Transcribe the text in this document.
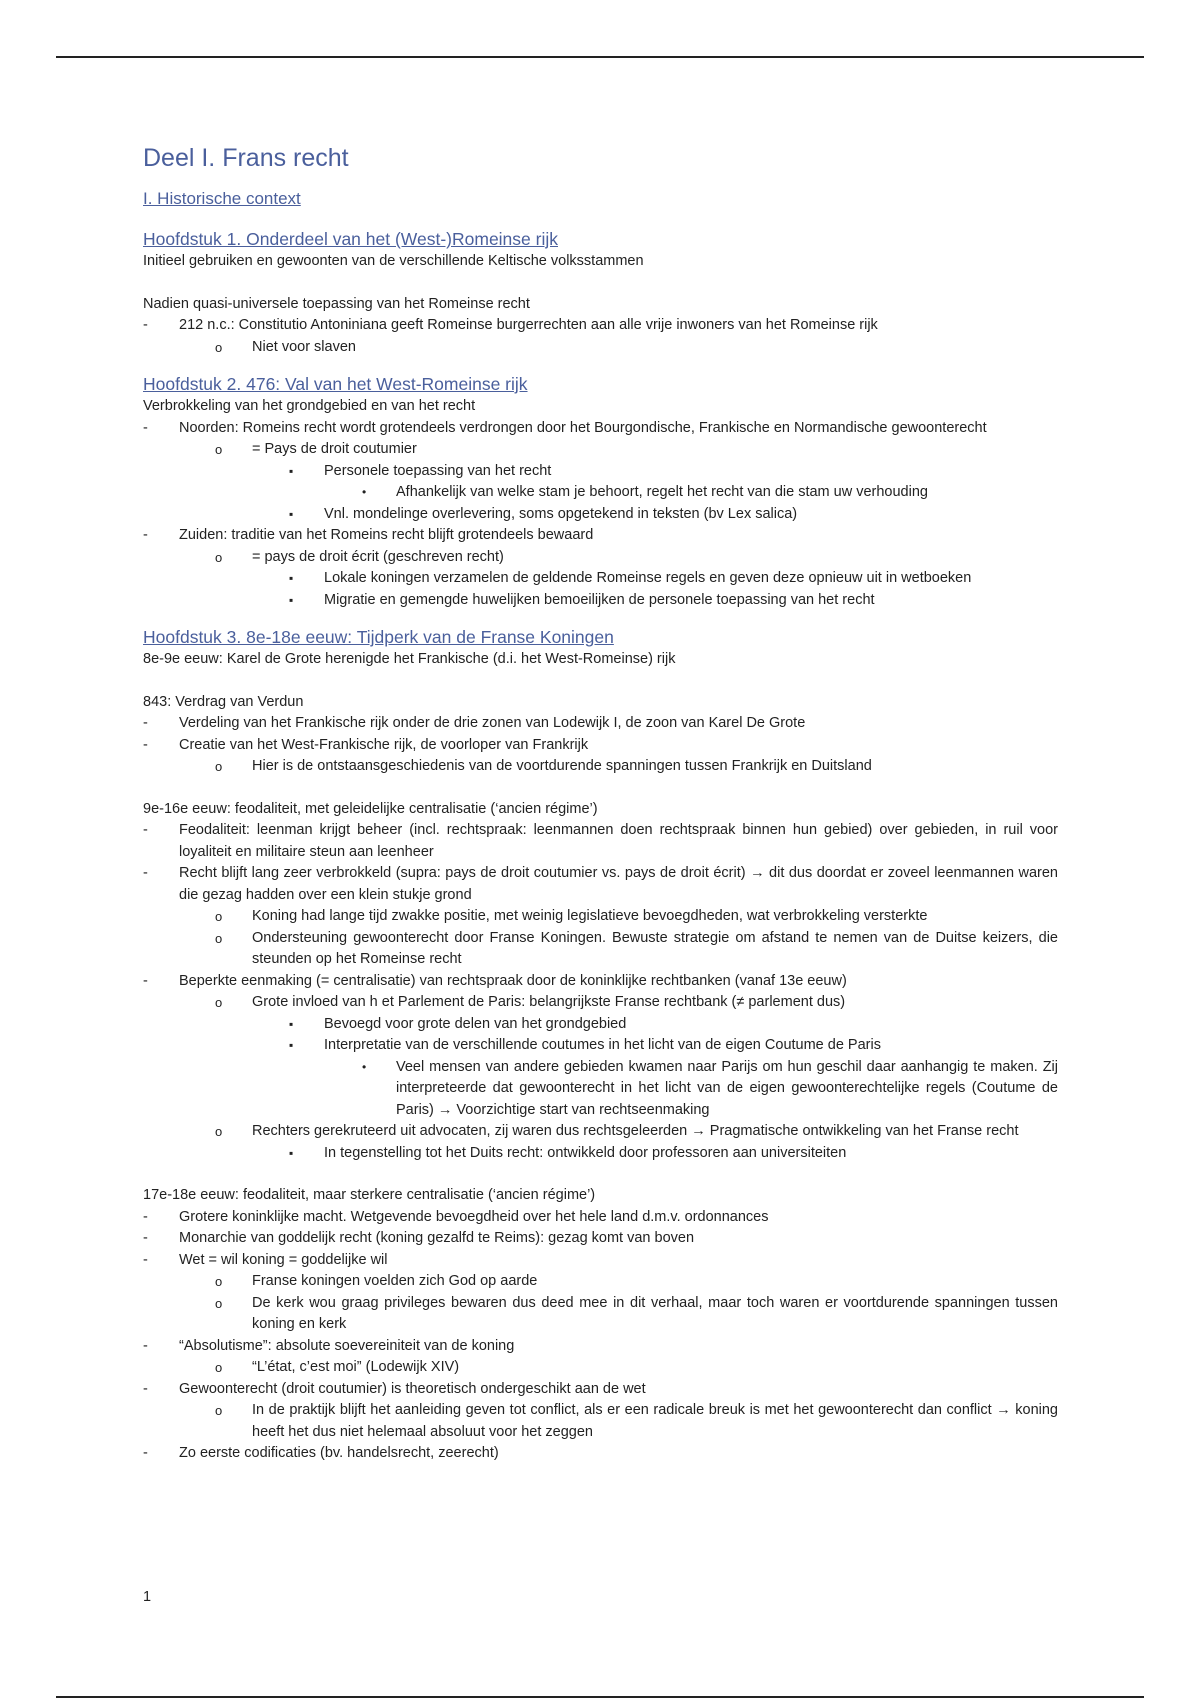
Deel I. Frans recht
I. Historische context
Hoofdstuk 1. Onderdeel van het (West-)Romeinse rijk

Initieel gebruiken en gewoonten van de verschillende Keltische volksstammen

Nadien quasi-universele toepassing van het Romeinse recht

- 212 n.c.: Constitutio Antoniniana geeft Romeinse burgerrechten aan alle vrije inwoners van het Romeinse rijk
o Niet voor slaven
Hoofdstuk 2. 476: Val van het West-Romeinse rijk

Verbrokkeling van het grondgebied en van het recht

- Noorden: Romeins recht wordt grotendeels verdrongen door het Bourgondische, Frankische en Normandische gewoonterecht
o = Pays de droit coutumier
▪ Personele toepassing van het recht
• Afhankelijk van welke stam je behoort, regelt het recht van die stam uw verhouding
▪ Vnl. mondelinge overlevering, soms opgetekend in teksten (bv Lex salica)
- Zuiden: traditie van het Romeins recht blijft grotendeels bewaard
o = pays de droit écrit (geschreven recht)
▪ Lokale koningen verzamelen de geldende Romeinse regels en geven deze opnieuw uit in wetboeken
▪ Migratie en gemengde huwelijken bemoeilijken de personele toepassing van het recht
Hoofdstuk 3. 8e-18e eeuw: Tijdperk van de Franse Koningen

8e-9e eeuw: Karel de Grote herenigde het Frankische (d.i. het West-Romeinse) rijk

843: Verdrag van Verdun

- Verdeling van het Frankische rijk onder de drie zonen van Lodewijk I, de zoon van Karel De Grote
- Creatie van het West-Frankische rijk, de voorloper van Frankrijk
o Hier is de ontstaansgeschiedenis van de voortdurende spanningen tussen Frankrijk en Duitsland

9e-16e eeuw: feodaliteit, met geleidelijke centralisatie (‘ancien régime’)

- Feodaliteit: leenman krijgt beheer (incl. rechtspraak: leenmannen doen rechtspraak binnen hun gebied) over gebieden, in ruil voor loyaliteit en militaire steun aan leenheer
- Recht blijft lang zeer verbrokkeld (supra: pays de droit coutumier vs. pays de droit écrit) → dit dus doordat er zoveel leenmannen waren die gezag hadden over een klein stukje grond
o Koning had lange tijd zwakke positie, met weinig legislatieve bevoegdheden, wat verbrokkeling versterkte
o Ondersteuning gewoonterecht door Franse Koningen. Bewuste strategie om afstand te nemen van de Duitse keizers, die steunden op het Romeinse recht
- Beperkte eenmaking (= centralisatie) van rechtspraak door de koninklijke rechtbanken (vanaf 13e eeuw)
o Grote invloed van h et Parlement de Paris: belangrijkste Franse rechtbank (≠ parlement dus)
▪ Bevoegd voor grote delen van het grondgebied
▪ Interpretatie van de verschillende coutumes in het licht van de eigen Coutume de Paris
• Veel mensen van andere gebieden kwamen naar Parijs om hun geschil daar aanhangig te maken. Zij interpreteerde dat gewoonterecht in het licht van de eigen gewoonterechtelijke regels (Coutume de Paris) → Voorzichtige start van rechtseenmaking
o Rechters gerekruteerd uit advocaten, zij waren dus rechtsgeleerden → Pragmatische ontwikkeling van het Franse recht
▪ In tegenstelling tot het Duits recht: ontwikkeld door professoren aan universiteiten

17e-18e eeuw: feodaliteit, maar sterkere centralisatie (‘ancien régime’)

- Grotere koninklijke macht. Wetgevende bevoegdheid over het hele land d.m.v. ordonnances
- Monarchie van goddelijk recht (koning gezalfd te Reims): gezag komt van boven
- Wet = wil koning = goddelijke wil
o Franse koningen voelden zich God op aarde
o De kerk wou graag privileges bewaren dus deed mee in dit verhaal, maar toch waren er voortdurende spanningen tussen koning en kerk
- “Absolutisme”: absolute soevereiniteit van de koning
o “L’état, c’est moi” (Lodewijk XIV)
- Gewoonterecht (droit coutumier) is theoretisch ondergeschikt aan de wet
o In de praktijk blijft het aanleiding geven tot conflict, als er een radicale breuk is met het gewoonterecht dan conflict → koning heeft het dus niet helemaal absoluut voor het zeggen
- Zo eerste codificaties (bv. handelsrecht, zeerecht)
1
